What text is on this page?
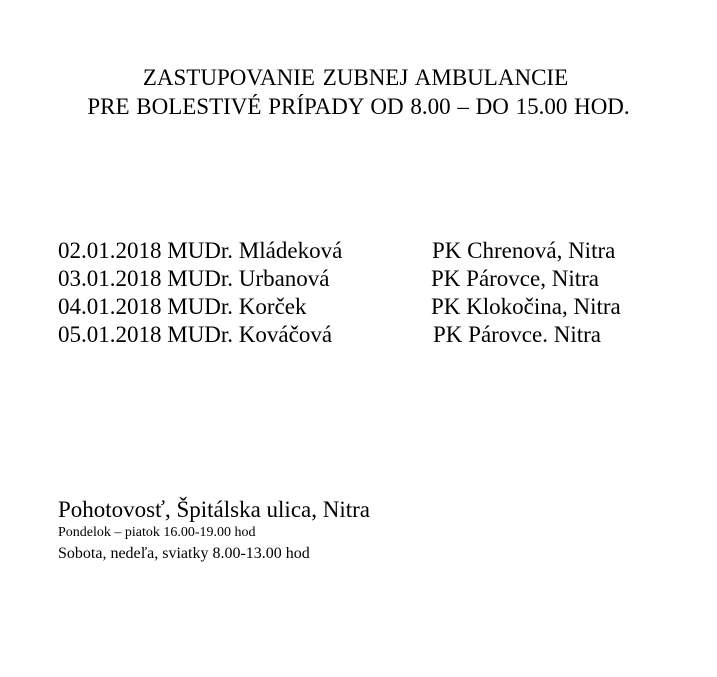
ZASTUPOVANIE ZUBNEJ AMBULANCIE
PRE BOLESTIVÉ PRÍPADY OD 8.00 – DO 15.00 HOD.
02.01.2018 MUDr. Mládeková	PK Chrenová, Nitra
03.01.2018 MUDr. Urbanová	PK Párovce, Nitra
04.01.2018 MUDr. Korček	PK Klokočina, Nitra
05.01.2018 MUDr. Kováčová	PK Párovce. Nitra
Pohotovosť, Špitálska ulica, Nitra
Pondelok – piatok 16.00-19.00 hod
Sobota, nedeľa, sviatky 8.00-13.00 hod
